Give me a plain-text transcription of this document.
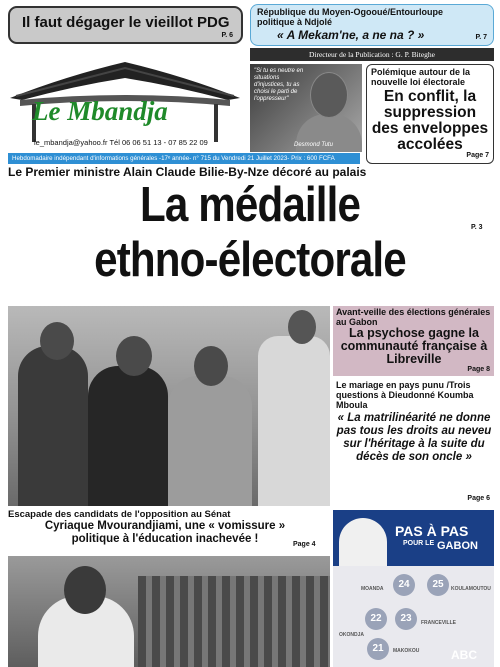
Il faut dégager le vieillot PDG
P. 6
République du Moyen-Ogooué/Entourloupe politique à Ndjolé
« A Mekam'ne, a ne na ? »	P. 7
Directeur de la Publication : G. P. Biteghe
Le Mbandja
le_mbandja@yahoo.fr Tél 06 06 51 13 - 07 85 22 09
"Si tu es neutre en situations d'injustices, tu as choisi le parti de l'oppresseur"
Desmond Tutu
Polémique autour de la nouvelle loi électorale
En conflit, la suppression des enveloppes accolées
Page 7
Hebdomadaire indépendant d'informations générales -17ᵉ année- n° 715 du Vendredi 21 Juillet 2023- Prix : 600 FCFA
Le Premier ministre Alain Claude Bilie-By-Nze décoré au palais
La médaille
ethno-électorale
P. 3
Avant-veille des élections générales au Gabon
La psychose gagne la communauté française à Libreville
Page 8
Le mariage en pays punu /Trois questions à Dieudonné Koumba Mboula
« La matrilinéarité ne donne pas tous les droits au neveu sur l'héritage à la suite du décès de son oncle »
Page 6
Escapade des candidats de l'opposition au Sénat
Cyriaque Mvourandjiami, une « vomissure » politique à l'éducation inachevée !	Page 4
PAS À PAS
POUR LE GABON
24
MOANDA	25	KOULAMOUTOU
22
OKONDJA
23	FRANCEVILLE
21	MAKOKOU	ABC
